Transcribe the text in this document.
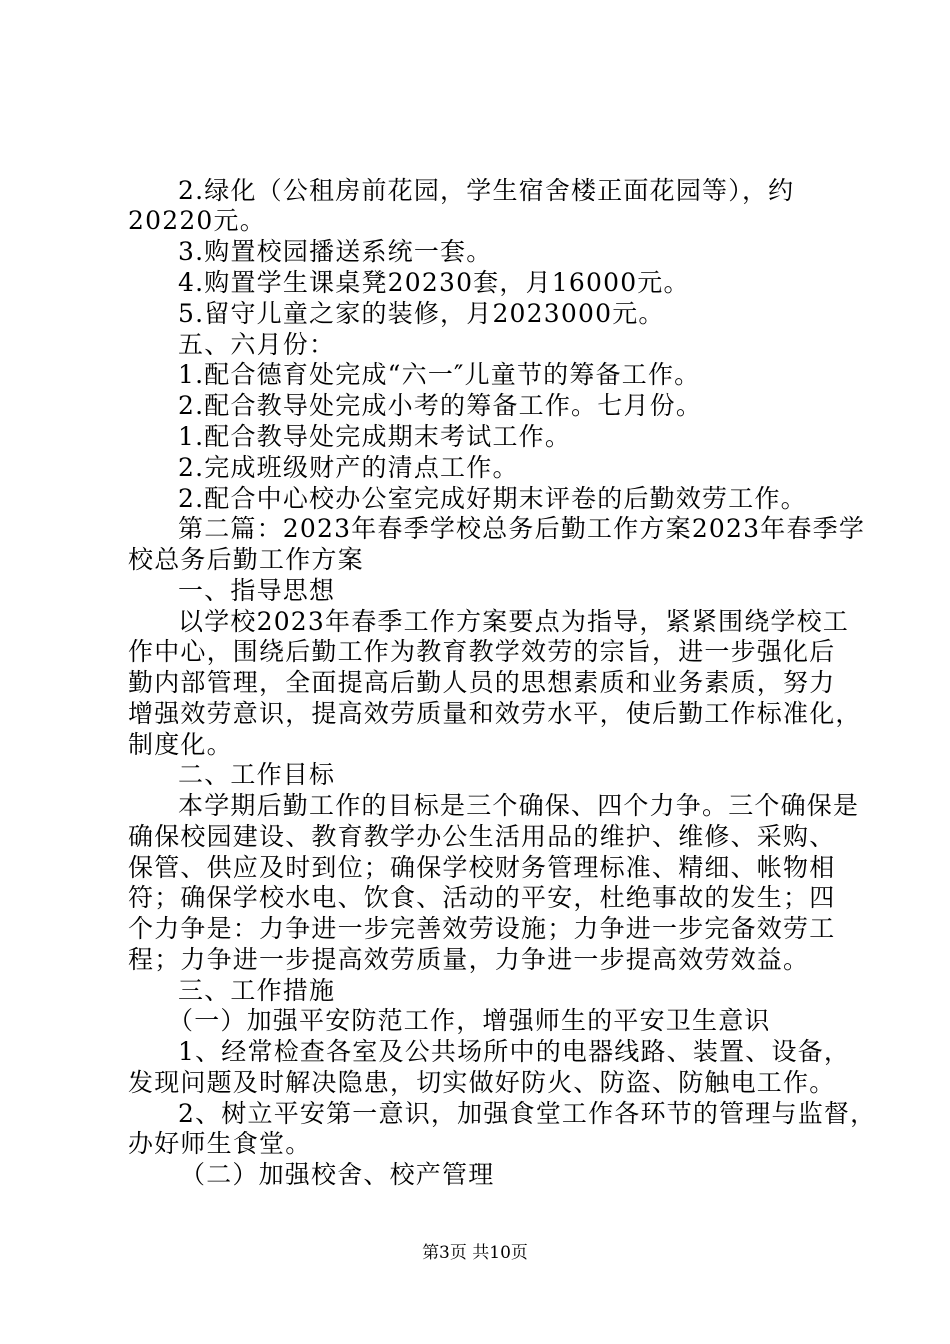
2.绿化（公租房前花园，学生宿舍楼正面花园等），约
20220元。
3.购置校园播送系统一套。
4.购置学生课桌凳20230套，月16000元。
5.留守儿童之家的装修，月2023000元。
五、六月份：
1.配合德育处完成“六一″儿童节的筹备工作。
2.配合教导处完成小考的筹备工作。七月份。
1.配合教导处完成期末考试工作。
2.完成班级财产的清点工作。
2.配合中心校办公室完成好期末评卷的后勤效劳工作。
第二篇：2023年春季学校总务后勤工作方案2023年春季学
校总务后勤工作方案
一、指导思想
以学校2023年春季工作方案要点为指导，紧紧围绕学校工
作中心，围绕后勤工作为教育教学效劳的宗旨，进一步强化后
勤内部管理，全面提高后勤人员的思想素质和业务素质，努力
增强效劳意识，提高效劳质量和效劳水平，使后勤工作标准化，
制度化。
二、工作目标
本学期后勤工作的目标是三个确保、四个力争。三个确保是
确保校园建设、教育教学办公生活用品的维护、维修、采购、
保管、供应及时到位；确保学校财务管理标准、精细、帐物相
符；确保学校水电、饮食、活动的平安，杜绝事故的发生；四
个力争是：力争进一步完善效劳设施；力争进一步完备效劳工
程；力争进一步提高效劳质量，力争进一步提高效劳效益。
三、工作措施
（一）加强平安防范工作，增强师生的平安卫生意识
1、经常检查各室及公共场所中的电器线路、装置、设备，
发现问题及时解决隐患，切实做好防火、防盗、防触电工作。
2、树立平安第一意识，加强食堂工作各环节的管理与监督，
办好师生食堂。
（二）加强校舍、校产管理
第3页 共10页
